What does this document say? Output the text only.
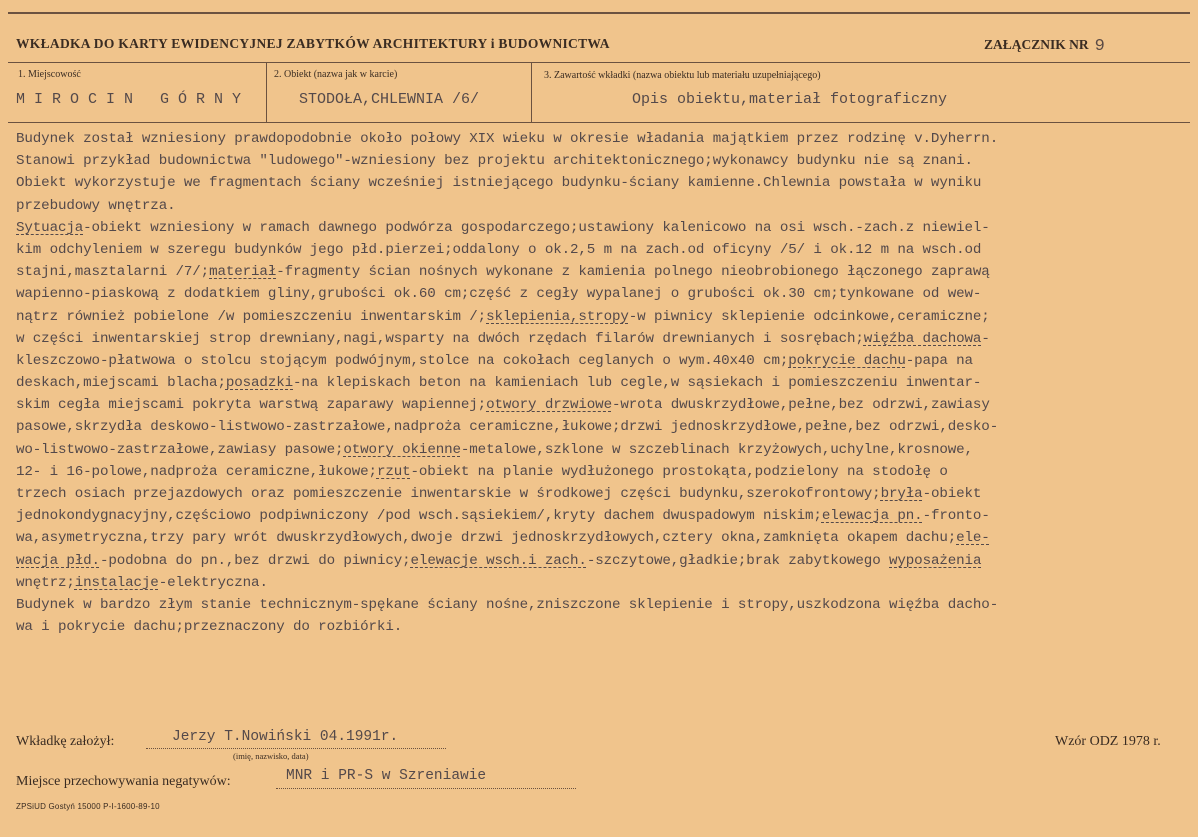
WKŁADKA DO KARTY EWIDENCYJNEJ ZABYTKÓW ARCHITEKTURY i BUDOWNICTWA	ZAŁĄCZNIK NR 9
1. Miejscowość	2. Obiekt (nazwa jak w karcie)	3. Zawartość wkładki (nazwa obiektu lub materiału uzupełniającego)
MIROCIN GÓRNY	STODOŁA,CHLEWNIA /6/	Opis obiektu,materiał fotograficzny
Budynek został wzniesiony prawdopodobnie około połowy XIX wieku w okresie władania majątkiem przez rodzinę v.Dyherrn.
Stanowi przykład budownictwa "ludowego"-wzniesiony bez projektu architektonicznego;wykonawcy budynku nie są znani.
Obiekt wykorzystuje we fragmentach ściany wcześniej istniejącego budynku-ściany kamienne.Chlewnia powstała w wyniku
przebudowy wnętrza.
Sytuacja-obiekt wzniesiony w ramach dawnego podwórza gospodarczego;ustawiony kalenicowo na osi wsch.-zach.z niewiel-
kim odchyleniem w szeregu budynków jego płd.pierzei;oddalony o ok.2,5 m na zach.od oficyny /5/ i ok.12 m na wsch.od
stajni,masztalarni /7/;materiał-fragmenty ścian nośnych wykonane z kamienia polnego nieobrobionego łączonego zaprawą
wapienno-piaskową z dodatkiem gliny,grubości ok.60 cm;część z cegły wypalanej o grubości ok.30 cm;tynkowane od wew-
nątrz również pobielone /w pomieszczeniu inwentarskim /;sklepienia,stropy-w piwnicy sklepienie odcinkowe,ceramiczne;
w części inwentarskiej strop drewniany,nagi,wsparty na dwóch rzędach filarów drewnianych i sosrębach;więźba dachowa-
kleszczowo-płatwowa o stolcu stojącym podwójnym,stolce na cokołach ceglanych o wym.40x40 cm;pokrycie dachu-papa na
deskach,miejscami blacha;posadzki-na klepiskach beton na kamieniach lub cegle,w sąsiekach i pomieszczeniu inwentar-
skim cegła miejscami pokryta warstwą zaparawy wapiennej;otwory drzwiowe-wrota dwuskrzydłowe,pełne,bez odrzwi,zawiasy
pasowe,skrzydła deskowo-listwowo-zastrzałowe,nadproża ceramiczne,łukowe;drzwi jednoskrzydłowe,pełne,bez odrzwi,desko-
wo-listwowo-zastrzałowe,zawiasy pasowe;otwory okienne-metalowe,szklone w szczeblinach krzyżowych,uchylne,krosnowe,
12- i 16-polowe,nadproża ceramiczne,łukowe;rzut-obiekt na planie wydłużonego prostokąta,podzielony na stodołę o
trzech osiach przejazdowych oraz pomieszczenie inwentarskie w środkowej części budynku,szerokofrontowy;bryła-obiekt
jednokondygnacyjny,częściowo podpiwniczony /pod wsch.sąsiekiem/,kryty dachem dwuspadowym niskim;elewacja pn.-fronto-
wa,asymetryczna,trzy pary wrót dwuskrzydłowych,dwoje drzwi jednoskrzydłowych,cztery okna,zamknięta okapem dachu;ele-
wacja płd.-podobna do pn.,bez drzwi do piwnicy;elewacje wsch.i zach.-szczytowe,gładkie;brak zabytkowego wyposażenia
wnętrz;instalacje-elektryczna.
Budynek w bardzo złym stanie technicznym-spękane ściany nośne,zniszczone sklepienie i stropy,uszkodzona więźba dacho-
wa i pokrycie dachu;przeznaczony do rozbiórki.
Wkładkę założył:	Jerzy T.Nowiński 04.1991r.
(imię, nazwisko, data)
Wzór ODZ 1978 r.
Miejsce przechowywania negatywów:	MNR i PR-S w Szreniawie
ZPSiUD Gostyń 15000 P-I-1600-89-10
